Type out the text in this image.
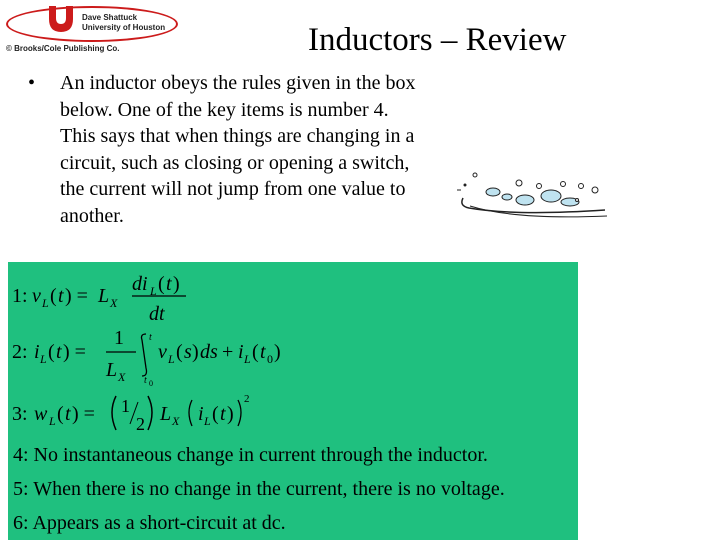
Dave Shattuck
University of Houston
© Brooks/Cole Publishing Co.	Inductors – Review
• An inductor obeys the rules given in the box below. One of the key items is number 4. This says that when things are changing in a circuit, such as closing or opening a switch, the current will not jump from one value to another.

1 : v L ( t ) = L X
di L ( t )
dt
2 : i L ( t ) =
1
L X
t
t 0
v L ( s ) ds + i L ( t 0 )
3 : w L ( t ) = 1
2 L X i L ( t )
2
4: No instantaneous change in current through the inductor.
5: When there is no change in the current, there is no voltage.
6: Appears as a short-circuit at dc.
